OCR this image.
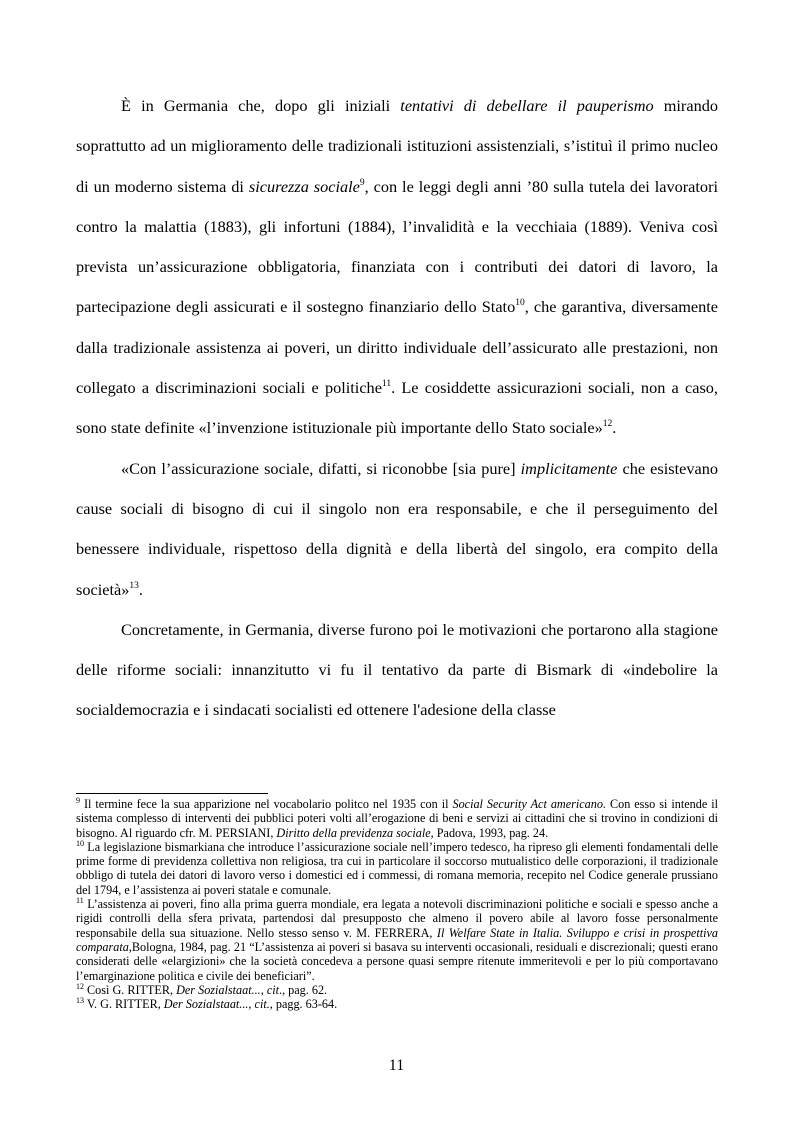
È in Germania che, dopo gli iniziali tentativi di debellare il pauperismo mirando soprattutto ad un miglioramento delle tradizionali istituzioni assistenziali, s’istituì il primo nucleo di un moderno sistema di sicurezza sociale$^9$, con le leggi degli anni ’80 sulla tutela dei lavoratori contro la malattia (1883), gli infortuni (1884), l’invalidità e la vecchiaia (1889). Veniva così prevista un’assicurazione obbligatoria, finanziata con i contributi dei datori di lavoro, la partecipazione degli assicurati e il sostegno finanziario dello Stato$^{10}$, che garantiva, diversamente dalla tradizionale assistenza ai poveri, un diritto individuale dell’assicurato alle prestazioni, non collegato a discriminazioni sociali e politiche$^{11}$. Le cosiddette assicurazioni sociali, non a caso, sono state definite «l’invenzione istituzionale più importante dello Stato sociale»$^{12}$.

«Con l’assicurazione sociale, difatti, si riconobbe [sia pure] implicitamente che esistevano cause sociali di bisogno di cui il singolo non era responsabile, e che il perseguimento del benessere individuale, rispettoso della dignità e della libertà del singolo, era compito della società»$^{13}$.

Concretamente, in Germania, diverse furono poi le motivazioni che portarono alla stagione delle riforme sociali: innanzitutto vi fu il tentativo da parte di Bismark di «indebolire la socialdemocrazia e i sindacati socialisti ed ottenere l'adesione della classe

$^9$ Il termine fece la sua apparizione nel vocabolario politco nel 1935 con il Social Security Act americano. Con esso si intende il sistema complesso di interventi dei pubblici poteri volti all’erogazione di beni e servizi ai cittadini che si trovino in condizioni di bisogno. Al riguardo cfr. M. PERSIANI, Diritto della previdenza sociale, Padova, 1993, pag. 24.

$^{10}$ La legislazione bismarkiana che introduce l’assicurazione sociale nell’impero tedesco, ha ripreso gli elementi fondamentali delle prime forme di previdenza collettiva non religiosa, tra cui in particolare il soccorso mutualistico delle corporazioni, il tradizionale obbligo di tutela dei datori di lavoro verso i domestici ed i commessi, di romana memoria, recepito nel Codice generale prussiano del 1794, e l’assistenza ai poveri statale e comunale.

$^{11}$ L’assistenza ai poveri, fino alla prima guerra mondiale, era legata a notevoli discriminazioni politiche e sociali e spesso anche a rigidi controlli della sfera privata, partendosi dal presupposto che almeno il povero abile al lavoro fosse personalmente responsabile della sua situazione. Nello stesso senso v. M. FERRERA, Il Welfare State in Italia. Sviluppo e crisi in prospettiva comparata,Bologna, 1984, pag. 21 “L’assistenza ai poveri si basava su interventi occasionali, residuali e discrezionali; questi erano considerati delle «elargizioni» che la società concedeva a persone quasi sempre ritenute immeritevoli e per lo più comportavano l’emarginazione politica e civile dei beneficiari”.

$^{12}$ Così G. RITTER, Der Sozialstaat..., cit., pag. 62.

$^{13}$ V. G. RITTER, Der Sozialstaat..., cit., pagg. 63-64.

11
